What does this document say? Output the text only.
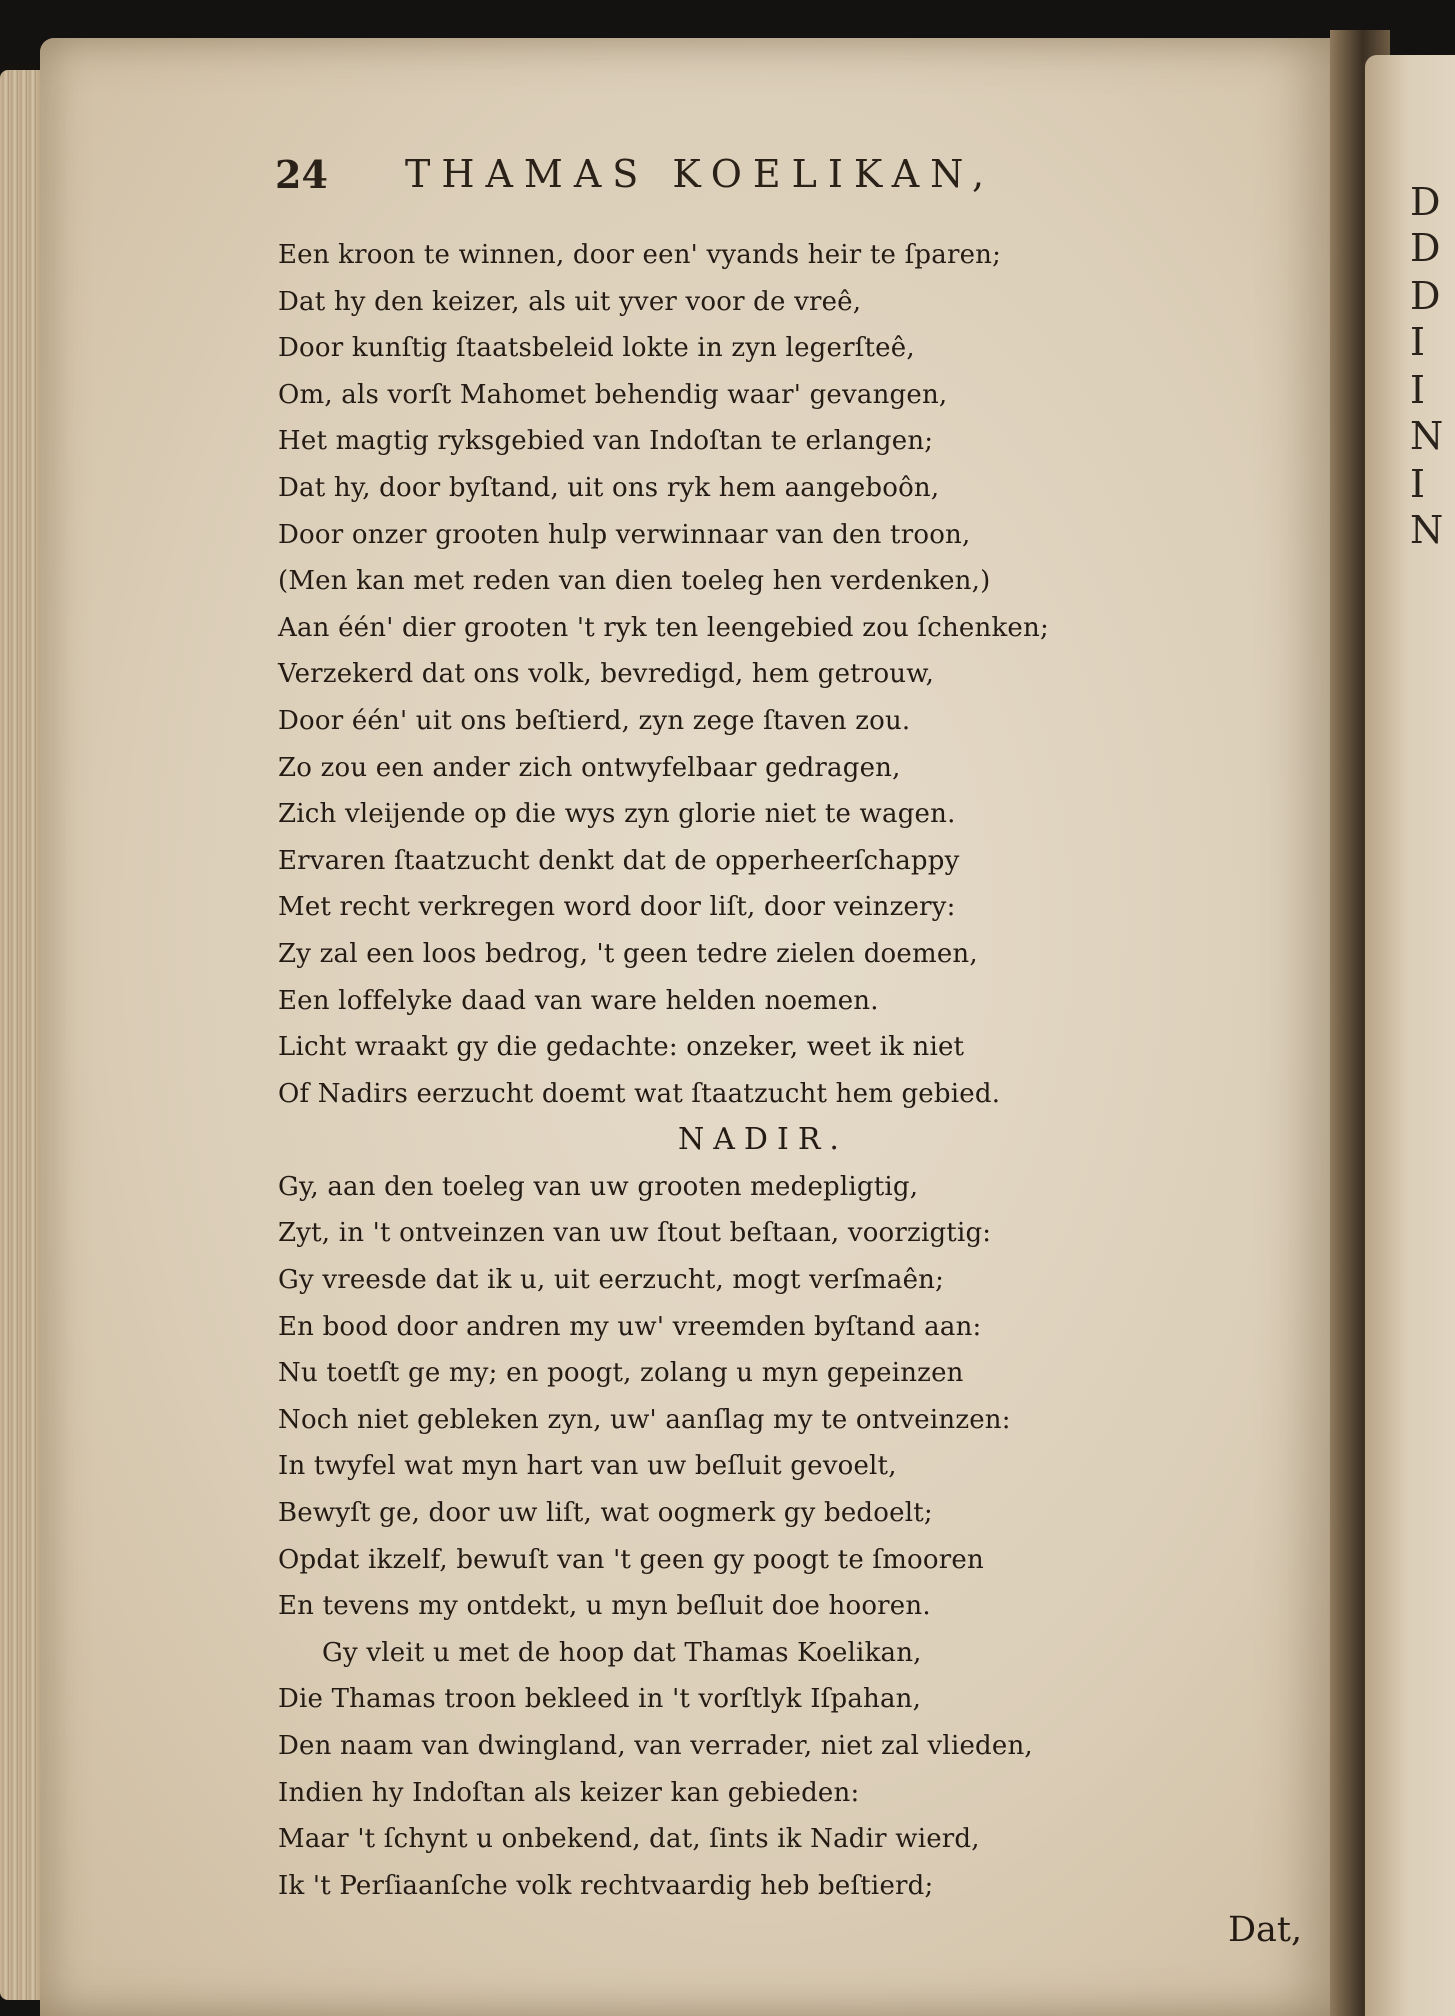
D
D
D
I
I
N
I
N
24 THAMAS KOELIKAN,
Een kroon te winnen, door een' vyands heir te ſparen;
Dat hy den keizer, als uit yver voor de vreê,
Door kunſtig ſtaatsbeleid lokte in zyn legerſteê,
Om, als vorſt Mahomet behendig waar' gevangen,
Het magtig ryksgebied van Indoſtan te erlangen;
Dat hy, door byſtand, uit ons ryk hem aangeboôn,
Door onzer grooten hulp verwinnaar van den troon,
(Men kan met reden van dien toeleg hen verdenken,)
Aan één' dier grooten 't ryk ten leengebied zou ſchenken;
Verzekerd dat ons volk, bevredigd, hem getrouw,
Door één' uit ons beſtierd, zyn zege ſtaven zou.
Zo zou een ander zich ontwyfelbaar gedragen,
Zich vleijende op die wys zyn glorie niet te wagen.
Ervaren ſtaatzucht denkt dat de opperheerſchappy
Met recht verkregen word door liſt, door veinzery:
Zy zal een loos bedrog, 't geen tedre zielen doemen,
Een loffelyke daad van ware helden noemen.
Licht wraakt gy die gedachte: onzeker, weet ik niet
Of Nadirs eerzucht doemt wat ſtaatzucht hem gebied.
NADIR.
Gy, aan den toeleg van uw grooten medepligtig,
Zyt, in 't ontveinzen van uw ſtout beſtaan, voorzigtig:
Gy vreesde dat ik u, uit eerzucht, mogt verſmaên;
En bood door andren my uw' vreemden byſtand aan:
Nu toetſt ge my; en poogt, zolang u myn gepeinzen
Noch niet gebleken zyn, uw' aanſlag my te ontveinzen:
In twyfel wat myn hart van uw beſluit gevoelt,
Bewyſt ge, door uw liſt, wat oogmerk gy bedoelt;
Opdat ikzelf, bewuſt van 't geen gy poogt te ſmooren
En tevens my ontdekt, u myn beſluit doe hooren.
Gy vleit u met de hoop dat Thamas Koelikan,
Die Thamas troon bekleed in 't vorſtlyk Iſpahan,
Den naam van dwingland, van verrader, niet zal vlieden,
Indien hy Indoſtan als keizer kan gebieden:
Maar 't ſchynt u onbekend, dat, ſints ik Nadir wierd,
Ik 't Perſiaanſche volk rechtvaardig heb beſtierd;
Dat,
